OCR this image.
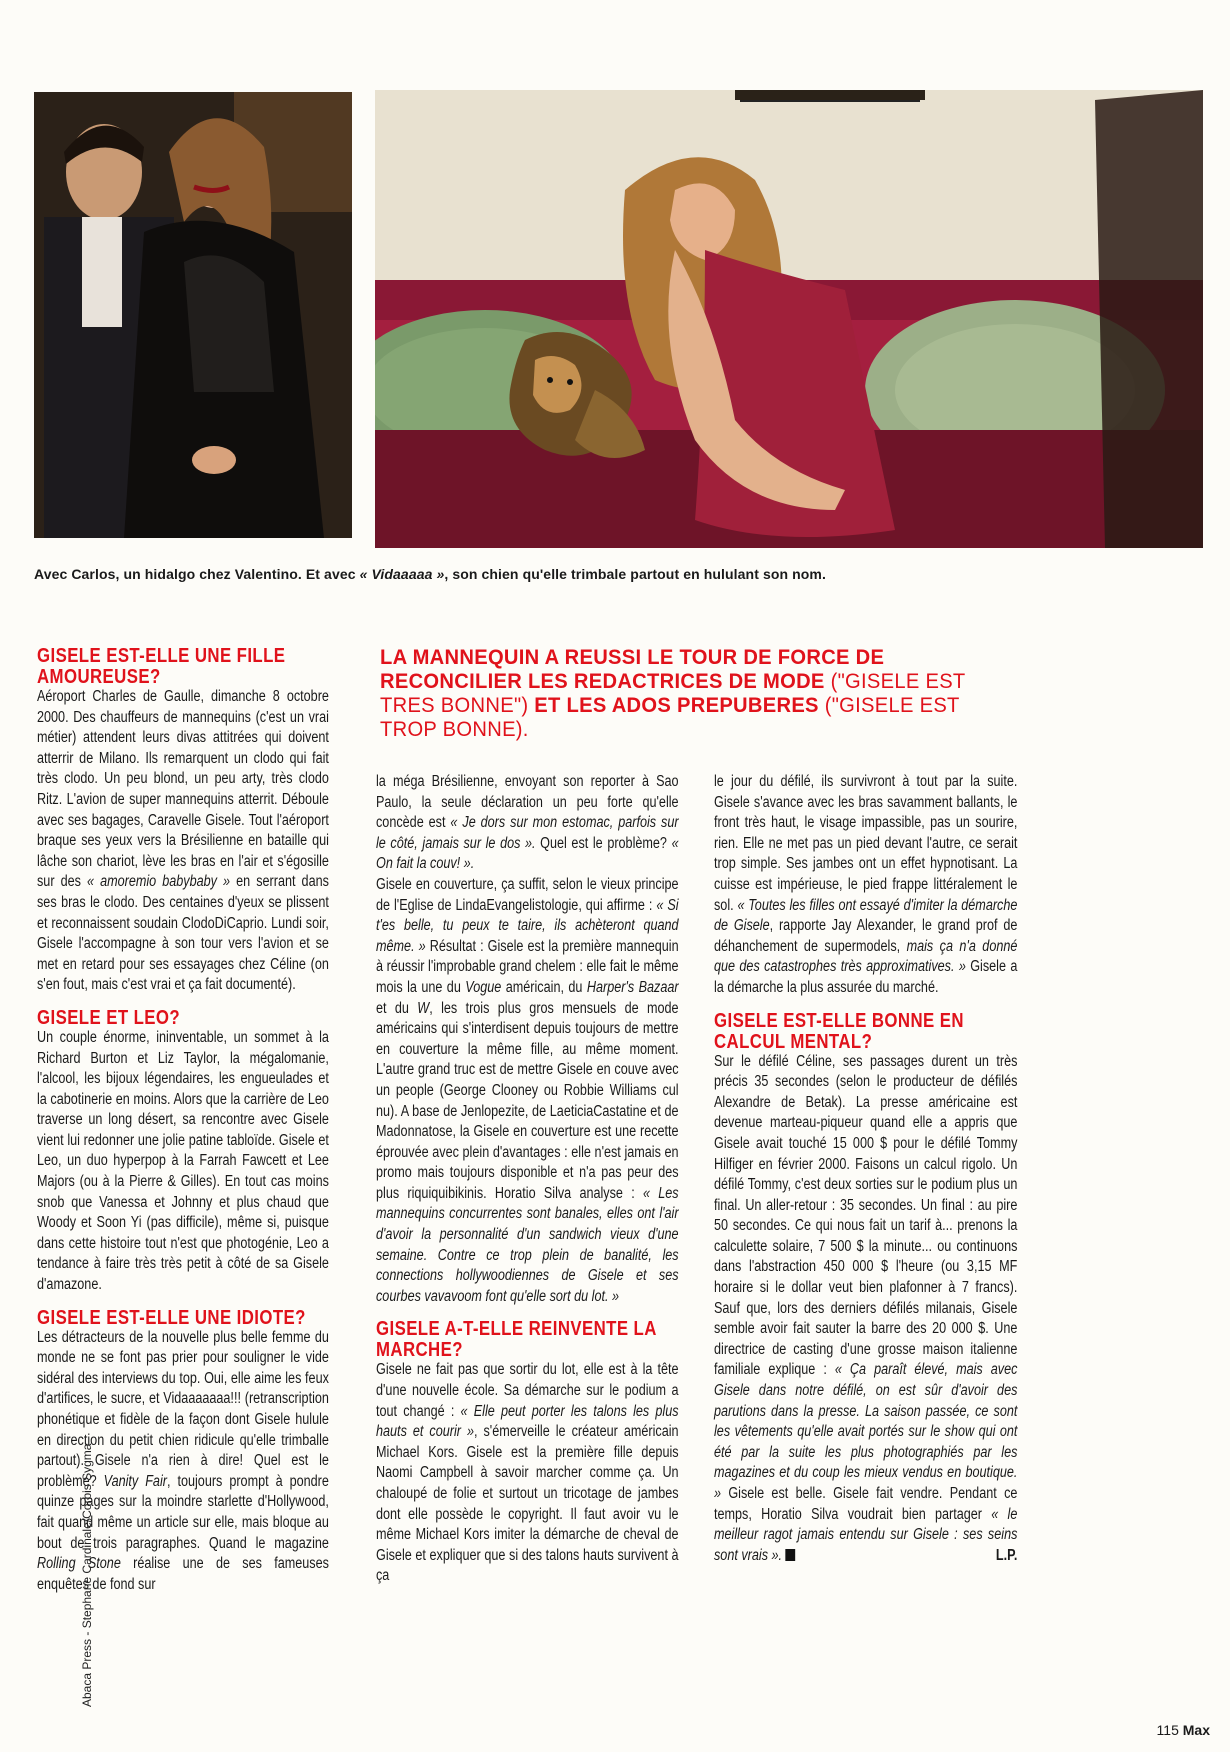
Avec Carlos, un hidalgo chez Valentino. Et avec « Vidaaaaa », son chien qu'elle trimbale partout en hululant son nom.
LA MANNEQUIN A REUSSI LE TOUR DE FORCE DE RECONCILIER LES REDACTRICES DE MODE ("GISELE EST TRES BONNE") ET LES ADOS PREPUBERES ("GISELE EST TROP BONNE).
GISELE EST-ELLE UNE FILLE AMOUREUSE?

Aéroport Charles de Gaulle, dimanche 8 octobre 2000. Des chauffeurs de mannequins (c'est un vrai métier) attendent leurs divas attitrées qui doivent atterrir de Milano. Ils remarquent un clodo qui fait très clodo. Un peu blond, un peu arty, très clodo Ritz. L'avion de super mannequins atterrit. Déboule avec ses bagages, Caravelle Gisele. Tout l'aéroport braque ses yeux vers la Brésilienne en bataille qui lâche son chariot, lève les bras en l'air et s'égosille sur des « amoremio babybaby » en serrant dans ses bras le clodo. Des centaines d'yeux se plissent et reconnaissent soudain ClodoDiCaprio. Lundi soir, Gisele l'accompagne à son tour vers l'avion et se met en retard pour ses essayages chez Céline (on s'en fout, mais c'est vrai et ça fait documenté).

GISELE ET LEO?

Un couple énorme, ininventable, un sommet à la Richard Burton et Liz Taylor, la mégalomanie, l'alcool, les bijoux légendaires, les engueulades et la cabotinerie en moins. Alors que la carrière de Leo traverse un long désert, sa rencontre avec Gisele vient lui redonner une jolie patine tabloïde. Gisele et Leo, un duo hyperpop à la Farrah Fawcett et Lee Majors (ou à la Pierre & Gilles). En tout cas moins snob que Vanessa et Johnny et plus chaud que Woody et Soon Yi (pas difficile), même si, puisque dans cette histoire tout n'est que photogénie, Leo a tendance à faire très très petit à côté de sa Gisele d'amazone.

GISELE EST-ELLE UNE IDIOTE?

Les détracteurs de la nouvelle plus belle femme du monde ne se font pas prier pour souligner le vide sidéral des interviews du top. Oui, elle aime les feux d'artifices, le sucre, et Vidaaaaaaa!!! (retranscription phonétique et fidèle de la façon dont Gisele hulule en direction du petit chien ridicule qu'elle trimballe partout). Gisele n'a rien à dire! Quel est le problème? Vanity Fair, toujours prompt à pondre quinze pages sur la moindre starlette d'Hollywood, fait quand même un article sur elle, mais bloque au bout de trois paragraphes. Quand le magazine Rolling Stone réalise une de ses fameuses enquêtes de fond sur

la méga Brésilienne, envoyant son reporter à Sao Paulo, la seule déclaration un peu forte qu'elle concède est « Je dors sur mon estomac, parfois sur le côté, jamais sur le dos ». Quel est le problème? « On fait la couv! ».

Gisele en couverture, ça suffit, selon le vieux principe de l'Eglise de LindaEvangelistologie, qui affirme : « Si t'es belle, tu peux te taire, ils achèteront quand même. » Résultat : Gisele est la première mannequin à réussir l'improbable grand chelem : elle fait le même mois la une du Vogue américain, du Harper's Bazaar et du W, les trois plus gros mensuels de mode américains qui s'interdisent depuis toujours de mettre en couverture la même fille, au même moment. L'autre grand truc est de mettre Gisele en couve avec un people (George Clooney ou Robbie Williams cul nu). A base de Jenlopezite, de LaeticiaCastatine et de Madonnatose, la Gisele en couverture est une recette éprouvée avec plein d'avantages : elle n'est jamais en promo mais toujours disponible et n'a pas peur des plus riquiquibikinis. Horatio Silva analyse : « Les mannequins concurrentes sont banales, elles ont l'air d'avoir la personnalité d'un sandwich vieux d'une semaine. Contre ce trop plein de banalité, les connections hollywoodiennes de Gisele et ses courbes vavavoom font qu'elle sort du lot. »

GISELE A-T-ELLE REINVENTE LA MARCHE?

Gisele ne fait pas que sortir du lot, elle est à la tête d'une nouvelle école. Sa démarche sur le podium a tout changé : « Elle peut porter les talons les plus hauts et courir », s'émerveille le créateur américain Michael Kors. Gisele est la première fille depuis Naomi Campbell à savoir marcher comme ça. Un chaloupé de folie et surtout un tricotage de jambes dont elle possède le copyright. Il faut avoir vu le même Michael Kors imiter la démarche de cheval de Gisele et expliquer que si des talons hauts survivent à ça

le jour du défilé, ils survivront à tout par la suite. Gisele s'avance avec les bras savamment ballants, le front très haut, le visage impassible, pas un sourire, rien. Elle ne met pas un pied devant l'autre, ce serait trop simple. Ses jambes ont un effet hypnotisant. La cuisse est impérieuse, le pied frappe littéralement le sol. « Toutes les filles ont essayé d'imiter la démarche de Gisele, rapporte Jay Alexander, le grand prof de déhanchement de supermodels, mais ça n'a donné que des catastrophes très approximatives. » Gisele a la démarche la plus assurée du marché.

GISELE EST-ELLE BONNE EN CALCUL MENTAL?

Sur le défilé Céline, ses passages durent un très précis 35 secondes (selon le producteur de défilés Alexandre de Betak). La presse américaine est devenue marteau-piqueur quand elle a appris que Gisele avait touché 15 000 $ pour le défilé Tommy Hilfiger en février 2000. Faisons un calcul rigolo. Un défilé Tommy, c'est deux sorties sur le podium plus un final. Un aller-retour : 35 secondes. Un final : au pire 50 secondes. Ce qui nous fait un tarif à... prenons la calculette solaire, 7 500 $ la minute... ou continuons dans l'abstraction 450 000 $ l'heure (ou 3,15 MF horaire si le dollar veut bien plafonner à 7 francs). Sauf que, lors des derniers défilés milanais, Gisele semble avoir fait sauter la barre des 20 000 $. Une directrice de casting d'une grosse maison italienne familiale explique : « Ça paraît élevé, mais avec Gisele dans notre défilé, on est sûr d'avoir des parutions dans la presse. La saison passée, ce sont les vêtements qu'elle avait portés sur le show qui ont été par la suite les plus photographiés par les magazines et du coup les mieux vendus en boutique. » Gisele est belle. Gisele fait vendre. Pendant ce temps, Horatio Silva voudrait bien partager « le meilleur ragot jamais entendu sur Gisele : ses seins sont vrais ».	L.P.

Abaca Press - Stephane Cardinale/Corbis Sygma
115 Max
